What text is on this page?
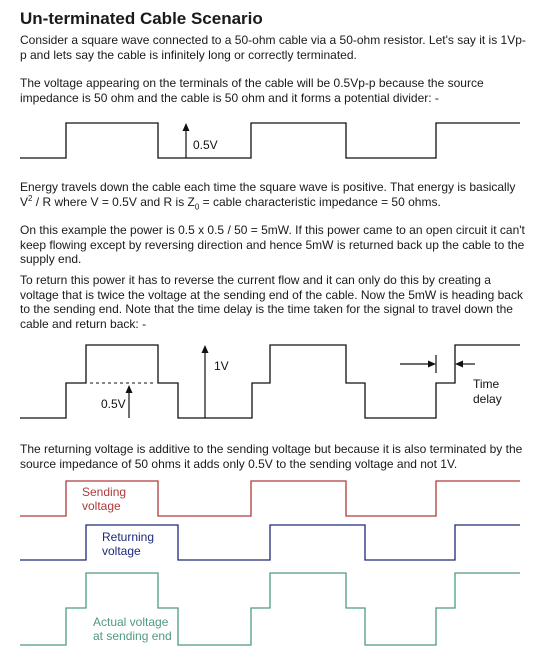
Un-terminated Cable Scenario

Consider a square wave connected to a 50-ohm cable via a 50-ohm resistor. Let's say it is 1Vp-p and lets say the cable is infinitely long or correctly terminated.

The voltage appearing on the terminals of the cable will be 0.5Vp-p because the source impedance is 50 ohm and the cable is 50 ohm and it forms a potential divider: -

0.5V

Energy travels down the cable each time the square wave is positive. That energy is basically $V^2$ / R where V = 0.5V and R is $Z_0$ = cable characteristic impedance = 50 ohms.

On this example the power is 0.5 x 0.5 / 50 = 5mW. If this power came to an open circuit it can't keep flowing except by reversing direction and hence 5mW is returned back up the cable to the supply end.

To return this power it has to reverse the current flow and it can only do this by creating a voltage that is twice the voltage at the sending end of the cable. Now the 5mW is heading back to the sending end. Note that the time delay is the time taken for the signal to travel down the cable and return back: -

0.5V
1V
Time
delay

The returning voltage is additive to the sending voltage but because it is also terminated by the source impedance of 50 ohms it adds only 0.5V to the sending voltage and not 1V.

Sending
voltage
Returning
voltage
Actual voltage
at sending end
